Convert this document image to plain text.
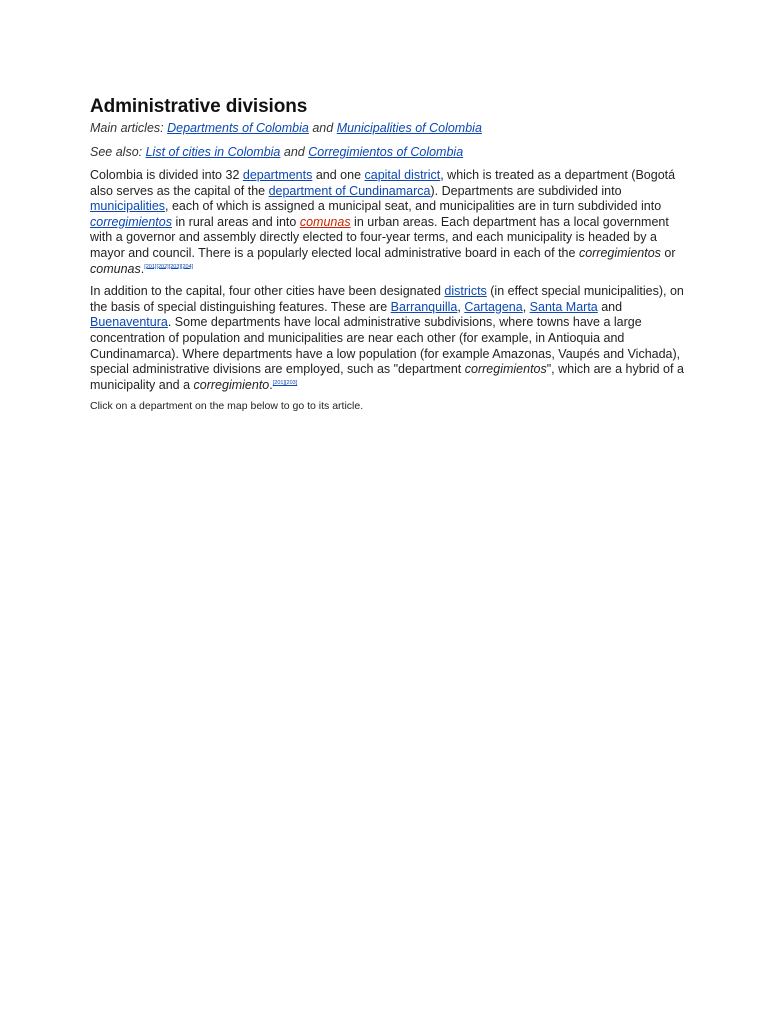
Administrative divisions
Main articles: Departments of Colombia and Municipalities of Colombia
See also: List of cities in Colombia and Corregimientos of Colombia

Colombia is divided into 32 departments and one capital district, which is treated as a department (Bogotá also serves as the capital of the department of Cundinamarca). Departments are subdivided into municipalities, each of which is assigned a municipal seat, and municipalities are in turn subdivided into corregimientos in rural areas and into comunas in urban areas. Each department has a local government with a governor and assembly directly elected to four-year terms, and each municipality is headed by a mayor and council. There is a popularly elected local administrative board in each of the corregimientos or comunas.[201][202][203][204]

In addition to the capital, four other cities have been designated districts (in effect special municipalities), on the basis of special distinguishing features. These are Barranquilla, Cartagena, Santa Marta and Buenaventura. Some departments have local administrative subdivisions, where towns have a large concentration of population and municipalities are near each other (for example, in Antioquia and Cundinamarca). Where departments have a low population (for example Amazonas, Vaupés and Vichada), special administrative divisions are employed, such as "department corregimientos", which are a hybrid of a municipality and a corregimiento.[201][203]

Click on a department on the map below to go to its article.
